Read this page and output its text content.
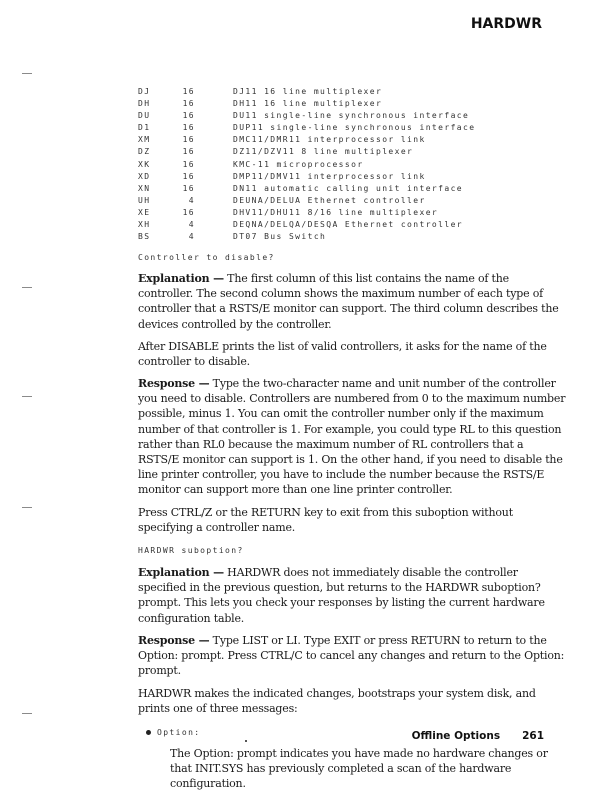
HARDWR
DJ	16	DJ11 16 line multiplexer
DH	16	DH11 16 line multiplexer
DU	16	DU11 single-line synchronous interface
D1	16	DUP11 single-line synchronous interface
XM	16	DMC11/DMR11 interprocessor link
DZ	16	DZ11/DZV11 8 line multiplexer
XK	16	KMC-11 microprocessor
XD	16	DMP11/DMV11 interprocessor link
XN	16	DN11 automatic calling unit interface
UH	4	DEUNA/DELUA Ethernet controller
XE	16	DHV11/DHU11 8/16 line multiplexer
XH	4	DEQNA/DELQA/DESQA Ethernet controller
BS	4	DT07 Bus Switch
Controller to disable?

Explanation — The first column of this list contains the name of the controller. The second column shows the maximum number of each type of controller that a RSTS/E monitor can support. The third column describes the devices controlled by the controller.

After DISABLE prints the list of valid controllers, it asks for the name of the controller to disable.

Response — Type the two-character name and unit number of the controller you need to disable. Controllers are numbered from 0 to the maximum number possible, minus 1. You can omit the controller number only if the maximum number of that controller is 1. For example, you could type RL to this question rather than RL0 because the maximum number of RL controllers that a RSTS/E monitor can support is 1. On the other hand, if you need to disable the line printer controller, you have to include the number because the RSTS/E monitor can support more than one line printer controller.

Press CTRL/Z or the RETURN key to exit from this suboption without specifying a controller name.

HARDWR suboption?

Explanation — HARDWR does not immediately disable the controller specified in the previous question, but returns to the HARDWR suboption? prompt. This lets you check your responses by listing the current hardware configuration table.

Response — Type LIST or LI. Type EXIT or press RETURN to return to the Option: prompt. Press CTRL/C to cancel any changes and return to the Option: prompt.

HARDWR makes the indicated changes, bootstraps your system disk, and prints one of three messages:

Option:

The Option: prompt indicates you have made no hardware changes or that INIT.SYS has previously completed a scan of the hardware configuration.

Offline Options 261
